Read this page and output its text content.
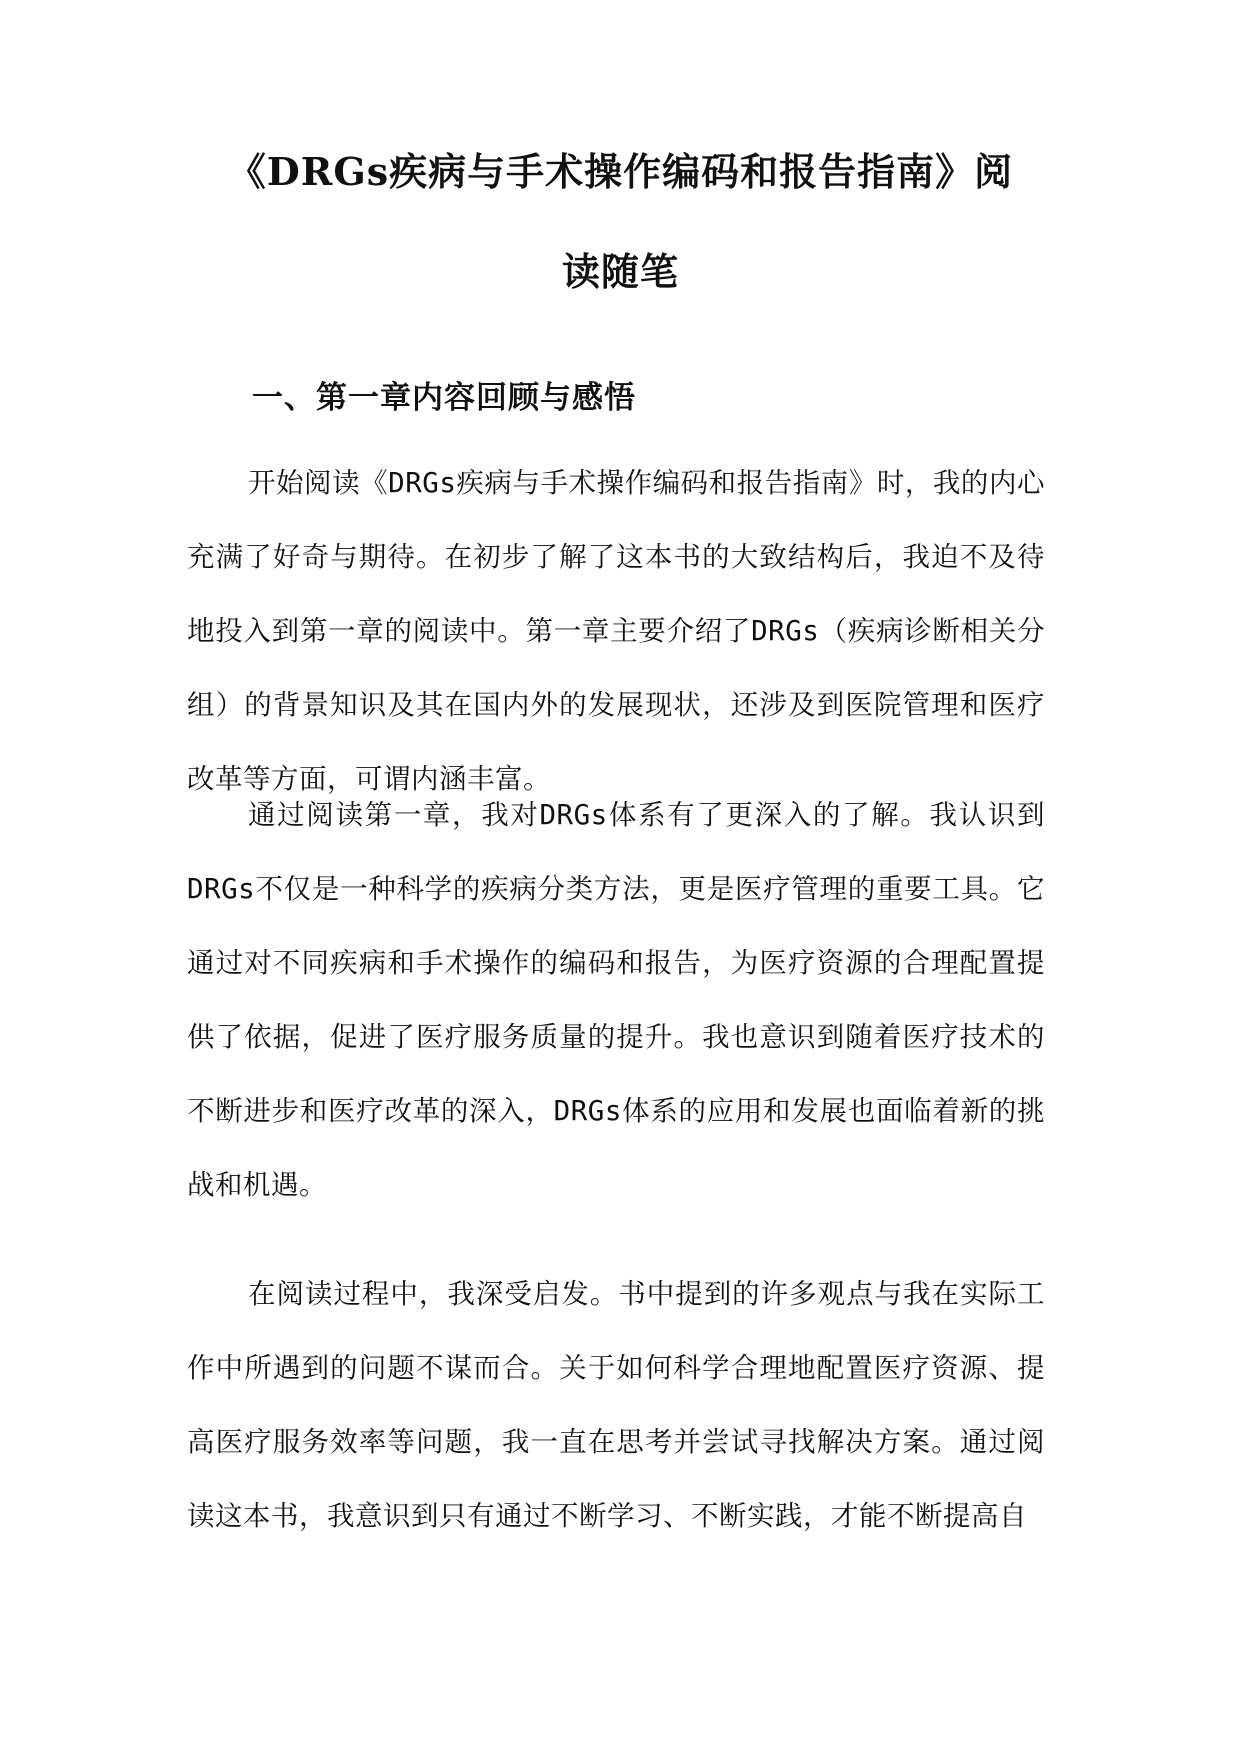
《DRGs疾病与手术操作编码和报告指南》阅
读随笔
一、第一章内容回顾与感悟

开始阅读《DRGs疾病与手术操作编码和报告指南》时，我的内心充满了好奇与期待。在初步了解了这本书的大致结构后，我迫不及待地投入到第一章的阅读中。第一章主要介绍了DRGs（疾病诊断相关分组）的背景知识及其在国内外的发展现状，还涉及到医院管理和医疗改革等方面，可谓内涵丰富。

通过阅读第一章，我对DRGs体系有了更深入的了解。我认识到DRGs不仅是一种科学的疾病分类方法，更是医疗管理的重要工具。它通过对不同疾病和手术操作的编码和报告，为医疗资源的合理配置提供了依据，促进了医疗服务质量的提升。我也意识到随着医疗技术的不断进步和医疗改革的深入，DRGs体系的应用和发展也面临着新的挑战和机遇。

在阅读过程中，我深受启发。书中提到的许多观点与我在实际工作中所遇到的问题不谋而合。关于如何科学合理地配置医疗资源、提高医疗服务效率等问题，我一直在思考并尝试寻找解决方案。通过阅读这本书，我意识到只有通过不断学习、不断实践，才能不断提高自
